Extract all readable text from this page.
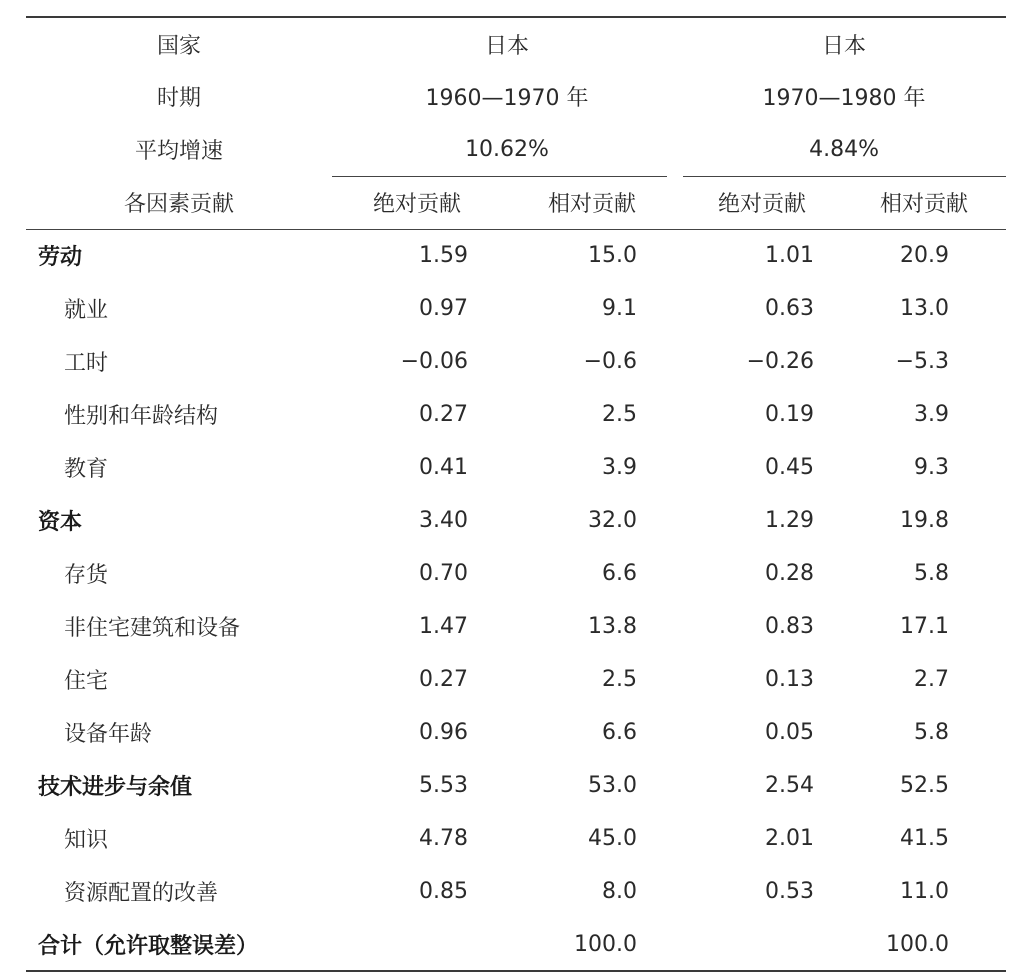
国家	日本		日本	
时期	1960—1970 年		1970—1980 年	
平均增速	10.62%		4.84%	
各因素贡献	绝对贡献	相对贡献	绝对贡献	相对贡献
劳动	1.59	15.0	1.01	20.9
就业	0.97	9.1	0.63	13.0
工时	−0.06	−0.6	−0.26	−5.3
性别和年龄结构	0.27	2.5	0.19	3.9
教育	0.41	3.9	0.45	9.3
资本	3.40	32.0	1.29	19.8
存货	0.70	6.6	0.28	5.8
非住宅建筑和设备	1.47	13.8	0.83	17.1
住宅	0.27	2.5	0.13	2.7
设备年龄	0.96	6.6	0.05	5.8
技术进步与余值	5.53	53.0	2.54	52.5
知识	4.78	45.0	2.01	41.5
资源配置的改善	0.85	8.0	0.53	11.0
合计（允许取整误差）		100.0		100.0
